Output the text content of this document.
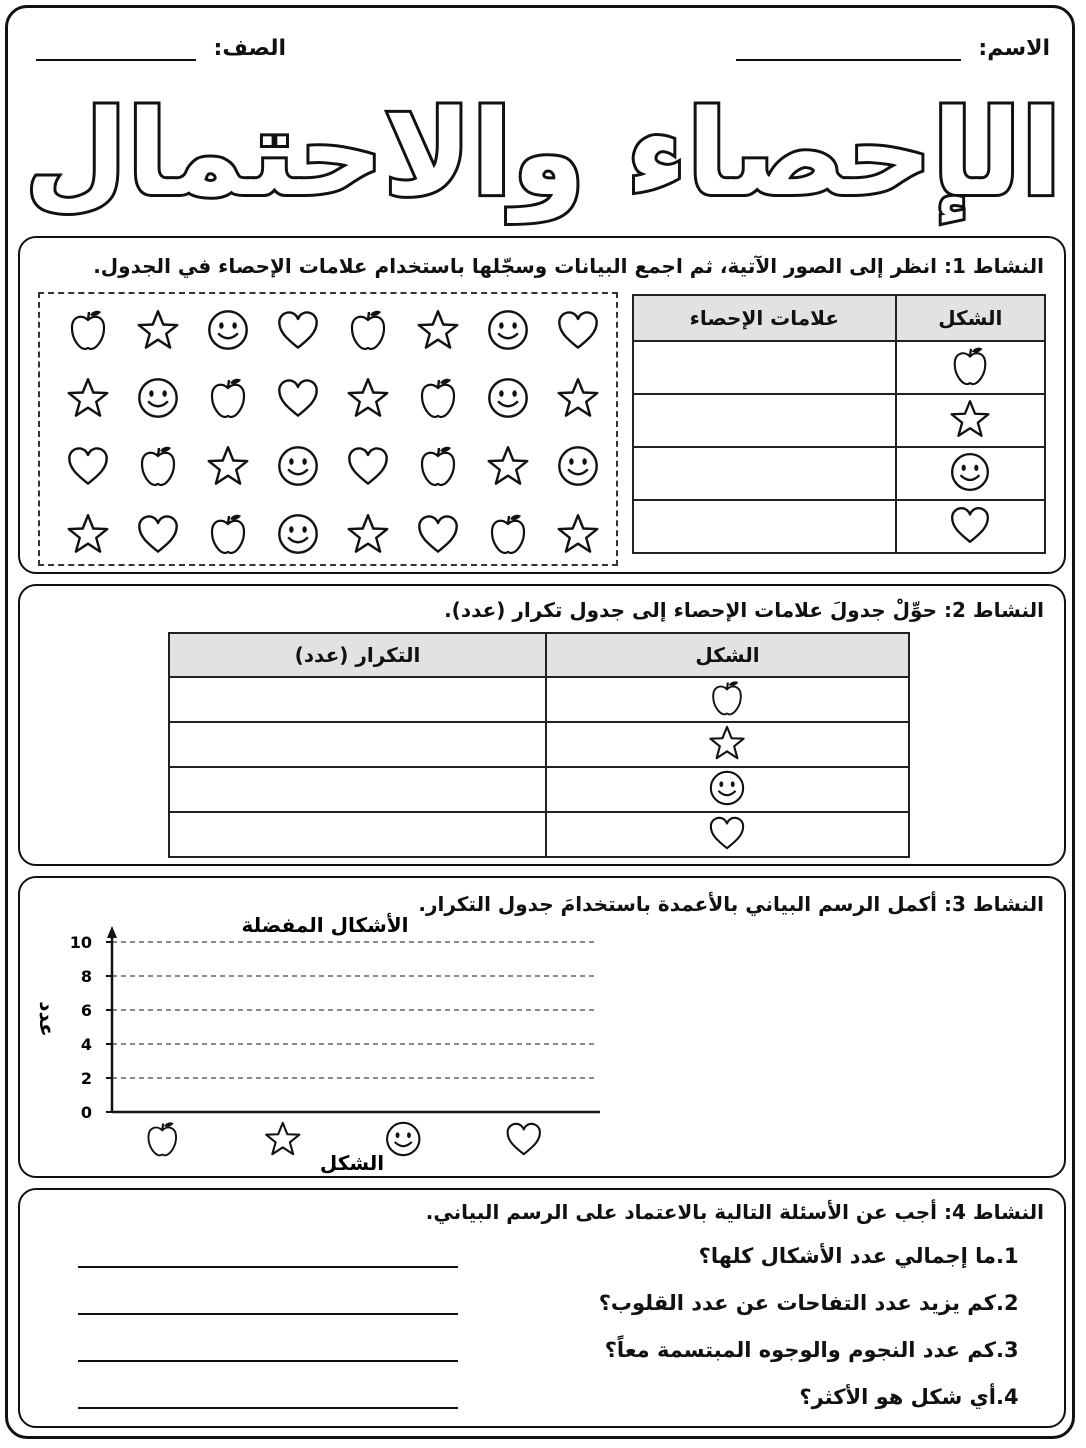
الاسم:
الصف:
الإحصاء والاحتمال
النشاط 1: انظر إلى الصور الآتية، ثم اجمع البيانات وسجّلها باستخدام علامات الإحصاء في الجدول.
علامات الإحصاء	الشكل

النشاط 2: حوِّلْ جدولَ علامات الإحصاء إلى جدول تكرار (عدد).
التكرار (عدد)	الشكل

النشاط 3: أكمل الرسم البياني بالأعمدة باستخدامَ جدول التكرار.
0
2
4
6
8
10
الأشكال المفضلة
الشكل
عدد
النشاط 4: أجب عن الأسئلة التالية بالاعتماد على الرسم البياني.
1.ما إجمالي عدد الأشكال كلها؟
2.كم يزيد عدد التفاحات عن عدد القلوب؟
3.كم عدد النجوم والوجوه المبتسمة معاً؟
4.أي شكل هو الأكثر؟
